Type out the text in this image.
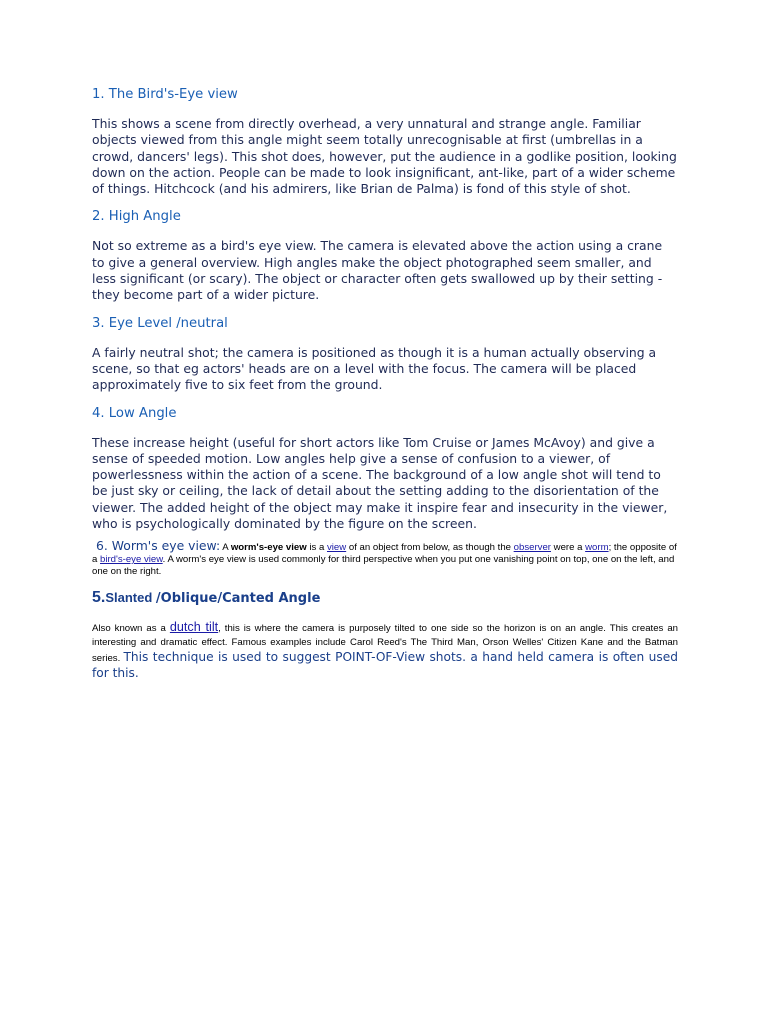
1. The Bird's-Eye view

This shows a scene from directly overhead, a very unnatural and strange angle. Familiar objects viewed from this angle might seem totally unrecognisable at first (umbrellas in a crowd, dancers' legs). This shot does, however, put the audience in a godlike position, looking down on the action. People can be made to look insignificant, ant-like, part of a wider scheme of things. Hitchcock (and his admirers, like Brian de Palma) is fond of this style of shot.

2. High Angle

Not so extreme as a bird's eye view. The camera is elevated above the action using a crane to give a general overview. High angles make the object photographed seem smaller, and less significant (or scary). The object or character often gets swallowed up by their setting - they become part of a wider picture.

3. Eye Level /neutral

A fairly neutral shot; the camera is positioned as though it is a human actually observing a scene, so that eg actors' heads are on a level with the focus. The camera will be placed approximately five to six feet from the ground.

4. Low Angle

These increase height (useful for short actors like Tom Cruise or James McAvoy) and give a sense of speeded motion. Low angles help give a sense of confusion to a viewer, of powerlessness within the action of a scene. The background of a low angle shot will tend to be just sky or ceiling, the lack of detail about the setting adding to the disorientation of the viewer. The added height of the object may make it inspire fear and insecurity in the viewer, who is psychologically dominated by the figure on the screen.

6. Worm's eye view: A worm's-eye view is a view of an object from below, as though the observer were a worm; the opposite of a bird's-eye view. A worm's eye view is used commonly for third perspective when you put one vanishing point on top, one on the left, and one on the right.

5.Slanted /Oblique/Canted Angle

Also known as a dutch tilt, this is where the camera is purposely tilted to one side so the horizon is on an angle. This creates an interesting and dramatic effect. Famous examples include Carol Reed's The Third Man, Orson Welles' Citizen Kane and the Batman series. This technique is used to suggest POINT-OF-View shots. a hand held camera is often used for this.
